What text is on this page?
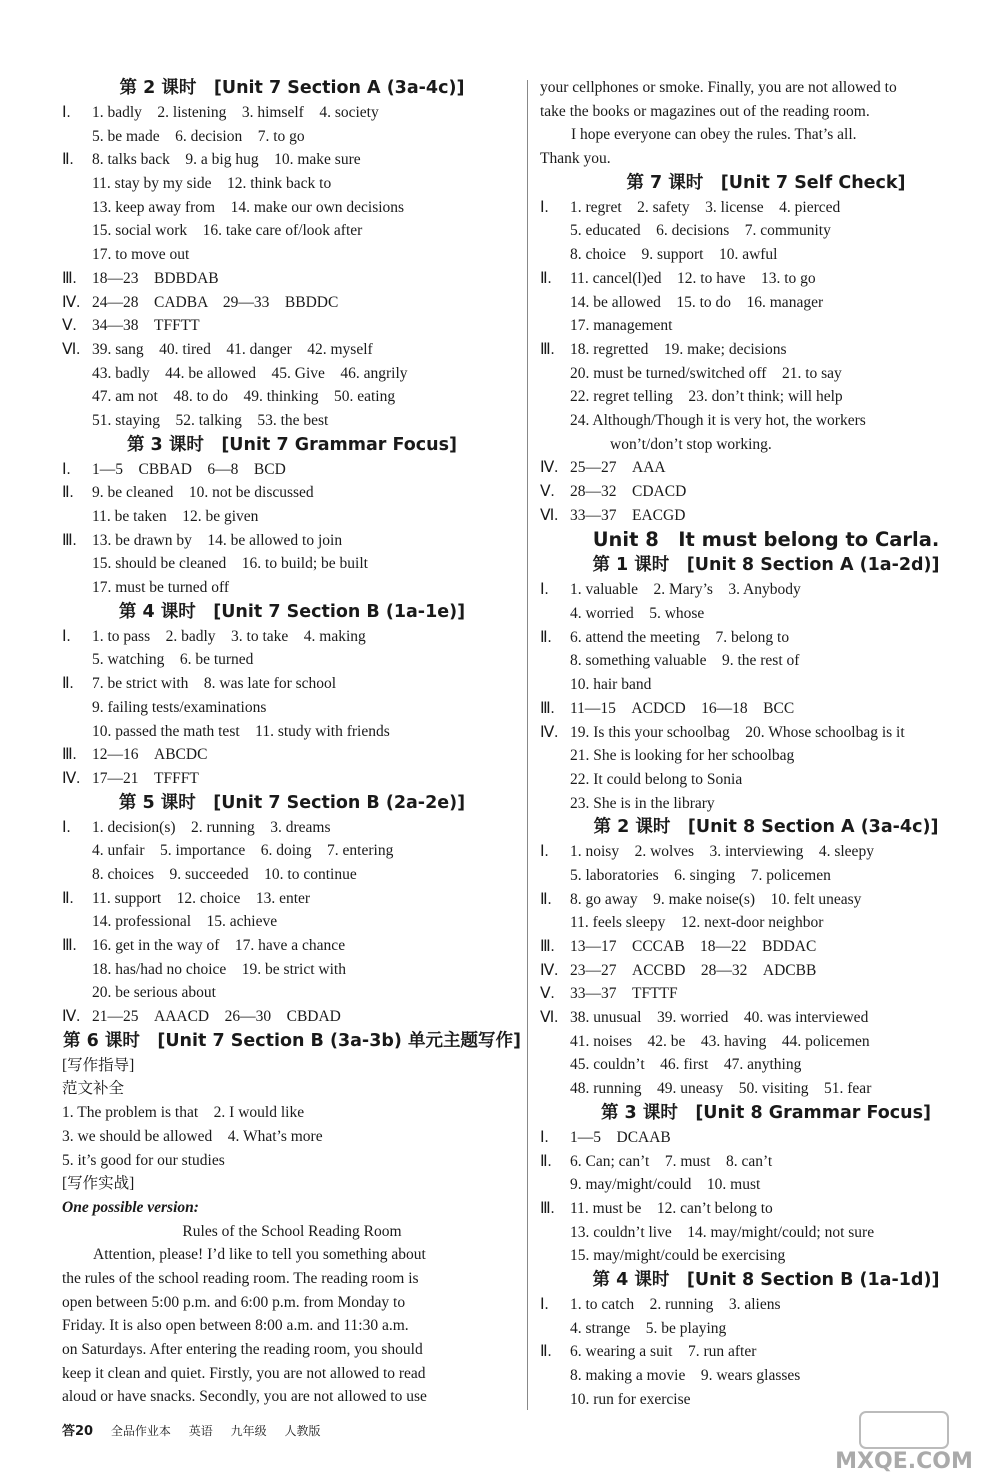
第 2 课时　[Unit 7 Section A (3a-4c)]
Ⅰ. 1. badly　2. listening　3. himself　4. society
5. be made　6. decision　7. to go
Ⅱ. 8. talks back　9. a big hug　10. make sure
11. stay by my side　12. think back to
13. keep away from　14. make our own decisions
15. social work　16. take care of/look after
17. to move out
Ⅲ. 18—23　BDBDAB
Ⅳ. 24—28　CADBA　29—33　BBDDC
Ⅴ. 34—38　TFFTT
Ⅵ. 39. sang　40. tired　41. danger　42. myself
43. badly　44. be allowed　45. Give　46. angrily
47. am not　48. to do　49. thinking　50. eating
51. staying　52. talking　53. the best
第 3 课时　[Unit 7 Grammar Focus]
Ⅰ. 1—5　CBBAD　6—8　BCD
Ⅱ. 9. be cleaned　10. not be discussed
11. be taken　12. be given
Ⅲ. 13. be drawn by　14. be allowed to join
15. should be cleaned　16. to build; be built
17. must be turned off
第 4 课时　[Unit 7 Section B (1a-1e)]
Ⅰ. 1. to pass　2. badly　3. to take　4. making
5. watching　6. be turned
Ⅱ. 7. be strict with　8. was late for school
9. failing tests/examinations
10. passed the math test　11. study with friends
Ⅲ. 12—16　ABCDC
Ⅳ. 17—21　TFFFT
第 5 课时　[Unit 7 Section B (2a-2e)]
Ⅰ. 1. decision(s)　2. running　3. dreams
4. unfair　5. importance　6. doing　7. entering
8. choices　9. succeeded　10. to continue
Ⅱ. 11. support　12. choice　13. enter
14. professional　15. achieve
Ⅲ. 16. get in the way of　17. have a chance
18. has/had no choice　19. be strict with
20. be serious about
Ⅳ. 21—25　AAACD　26—30　CBDAD
第 6 课时　[Unit 7 Section B (3a-3b) 单元主题写作]
[写作指导]
范文补全
1. The problem is that　2. I would like
3. we should be allowed　4. What’s more
5. it’s good for our studies
[写作实战]
One possible version:
Rules of the School Reading Room
　　Attention, please! I’d like to tell you something about
the rules of the school reading room. The reading room is
open between 5:00 p.m. and 6:00 p.m. from Monday to
Friday. It is also open between 8:00 a.m. and 11:30 a.m.
on Saturdays. After entering the reading room, you should
keep it clean and quiet. Firstly, you are not allowed to read
aloud or have snacks. Secondly, you are not allowed to use
your cellphones or smoke. Finally, you are not allowed to
take the books or magazines out of the reading room.
　　I hope everyone can obey the rules. That’s all.
Thank you.
第 7 课时　[Unit 7 Self Check]
Ⅰ. 1. regret　2. safety　3. license　4. pierced
5. educated　6. decisions　7. community
8. choice　9. support　10. awful
Ⅱ. 11. cancel(l)ed　12. to have　13. to go
14. be allowed　15. to do　16. manager
17. management
Ⅲ. 18. regretted　19. make; decisions
20. must be turned/switched off　21. to say
22. regret telling　23. don’t think; will help
24. Although/Though it is very hot, the workers
won’t/don’t stop working.
Ⅳ. 25—27　AAA
Ⅴ. 28—32　CDACD
Ⅵ. 33—37　EACGD
Unit 8　It must belong to Carla.
第 1 课时　[Unit 8 Section A (1a-2d)]
Ⅰ. 1. valuable　2. Mary’s　3. Anybody
4. worried　5. whose
Ⅱ. 6. attend the meeting　7. belong to
8. something valuable　9. the rest of
10. hair band
Ⅲ. 11—15　ACDCD　16—18　BCC
Ⅳ. 19. Is this your schoolbag　20. Whose schoolbag is it
21. She is looking for her schoolbag
22. It could belong to Sonia
23. She is in the library
第 2 课时　[Unit 8 Section A (3a-4c)]
Ⅰ. 1. noisy　2. wolves　3. interviewing　4. sleepy
5. laboratories　6. singing　7. policemen
Ⅱ. 8. go away　9. make noise(s)　10. felt uneasy
11. feels sleepy　12. next-door neighbor
Ⅲ. 13—17　CCCAB　18—22　BDDAC
Ⅳ. 23—27　ACCBD　28—32　ADCBB
Ⅴ. 33—37　TFTTF
Ⅵ. 38. unusual　39. worried　40. was interviewed
41. noises　42. be　43. having　44. policemen
45. couldn’t　46. first　47. anything
48. running　49. uneasy　50. visiting　51. fear
第 3 课时　[Unit 8 Grammar Focus]
Ⅰ. 1—5　DCAAB
Ⅱ. 6. Can; can’t　7. must　8. can’t
9. may/might/could　10. must
Ⅲ. 11. must be　12. can’t belong to
13. couldn’t live　14. may/might/could; not sure
15. may/might/could be exercising
第 4 课时　[Unit 8 Section B (1a-1d)]
Ⅰ. 1. to catch　2. running　3. aliens
4. strange　5. be playing
Ⅱ. 6. wearing a suit　7. run after
8. making a movie　9. wears glasses
10. run for exercise
答20 全品作业本 英语 九年级 人教版
MXQE.COM
